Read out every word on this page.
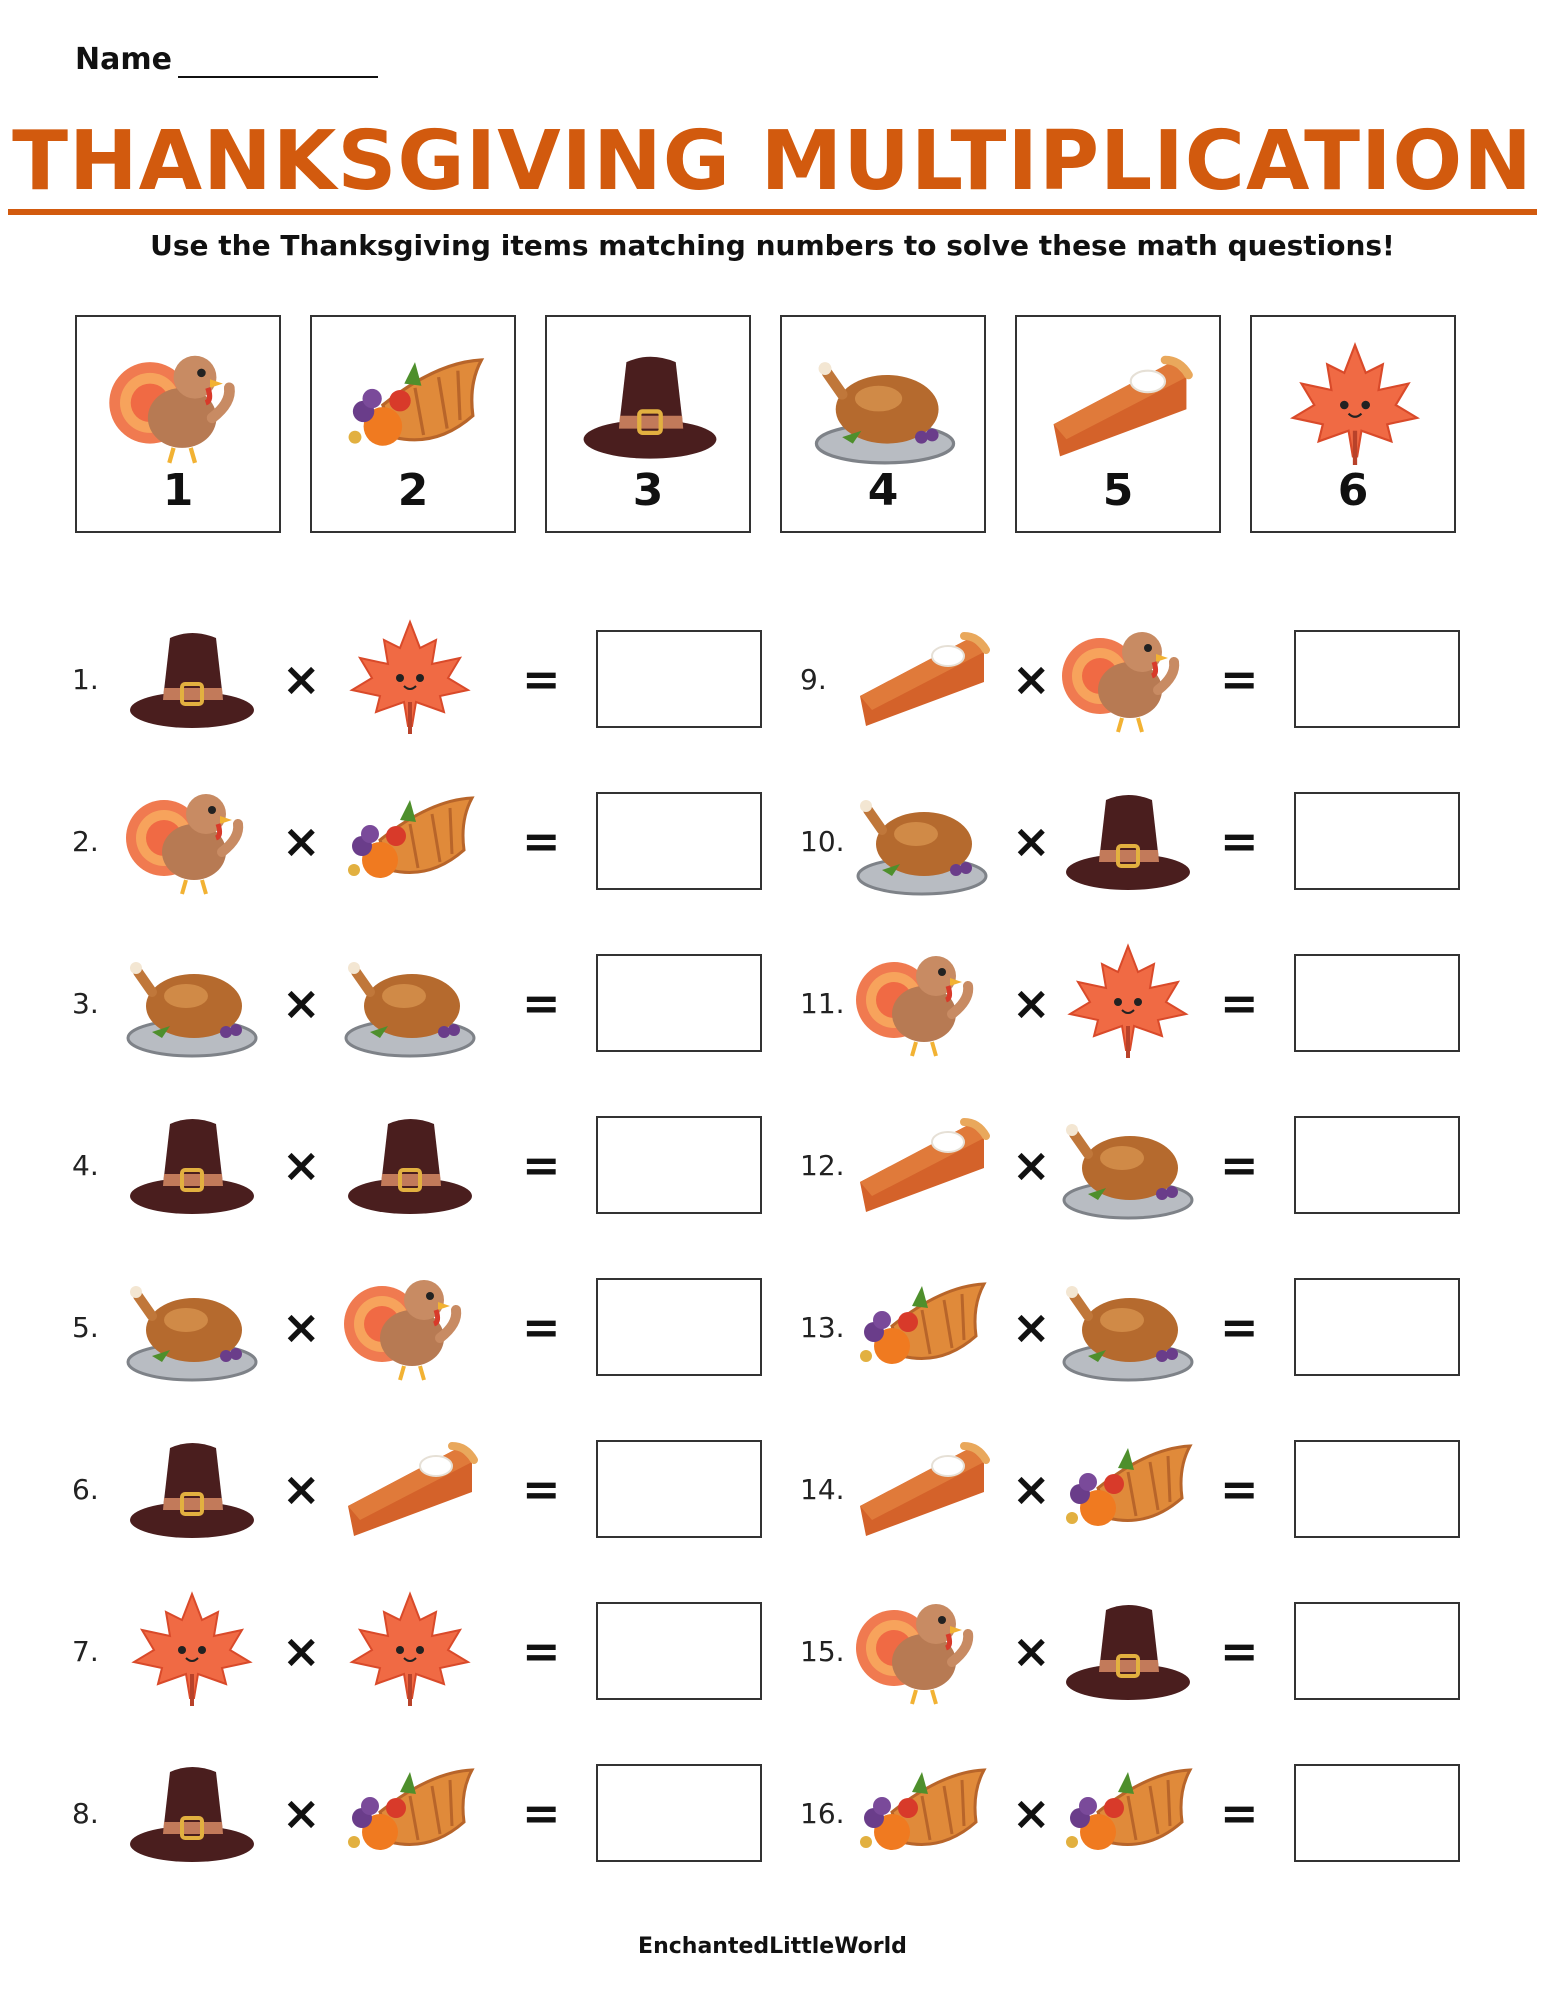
Name
THANKSGIVING MULTIPLICATION
Use the Thanksgiving items matching numbers to solve these math questions!
1	2	3	4	5	6
1.	×	=
2.	×	=
3.	×	=
4.	×	=
5.	×	=
6.	×	=
7.	×	=
8.	×	=
9.	×	=
10.	×	=
11.	×	=
12.	×	=
13.	×	=
14.	×	=
15.	×	=
16.	×	=
EnchantedLittleWorld
